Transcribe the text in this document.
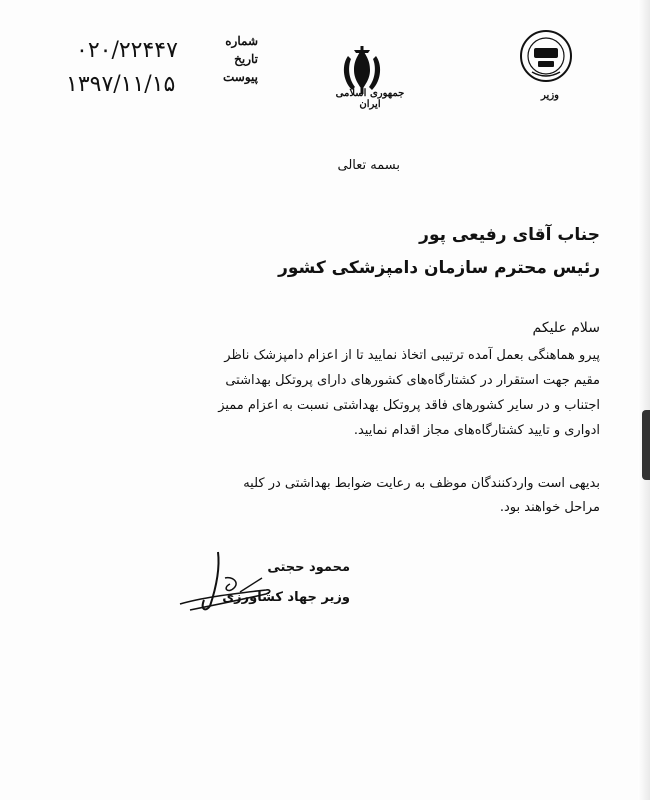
۰۲۰/۲۲۴۴۷
۱۳۹۷/۱۱/۱۵
شماره
تاریخ
پیوست
جمهوری اسلامی ایران
وزیر
بسمه تعالی
جناب آقای رفیعی پور
رئیس محترم سازمان دامپزشکی کشور
سلام علیکم
پیرو هماهنگی بعمل آمده ترتیبی اتخاذ نمایید تا از اعزام دامپزشک ناظر
مقیم جهت استقرار در کشتارگاه‌های کشورهای دارای پروتکل بهداشتی
اجتناب و در سایر کشورهای فاقد پروتکل بهداشتی نسبت به اعزام ممیز
ادواری و تایید کشتارگاه‌های مجاز اقدام نمایید.
بدیهی است واردکنندگان موظف به رعایت ضوابط بهداشتی در کلیه
مراحل خواهند بود.
محمود حجتی
وزیر جهاد کشاورزی
